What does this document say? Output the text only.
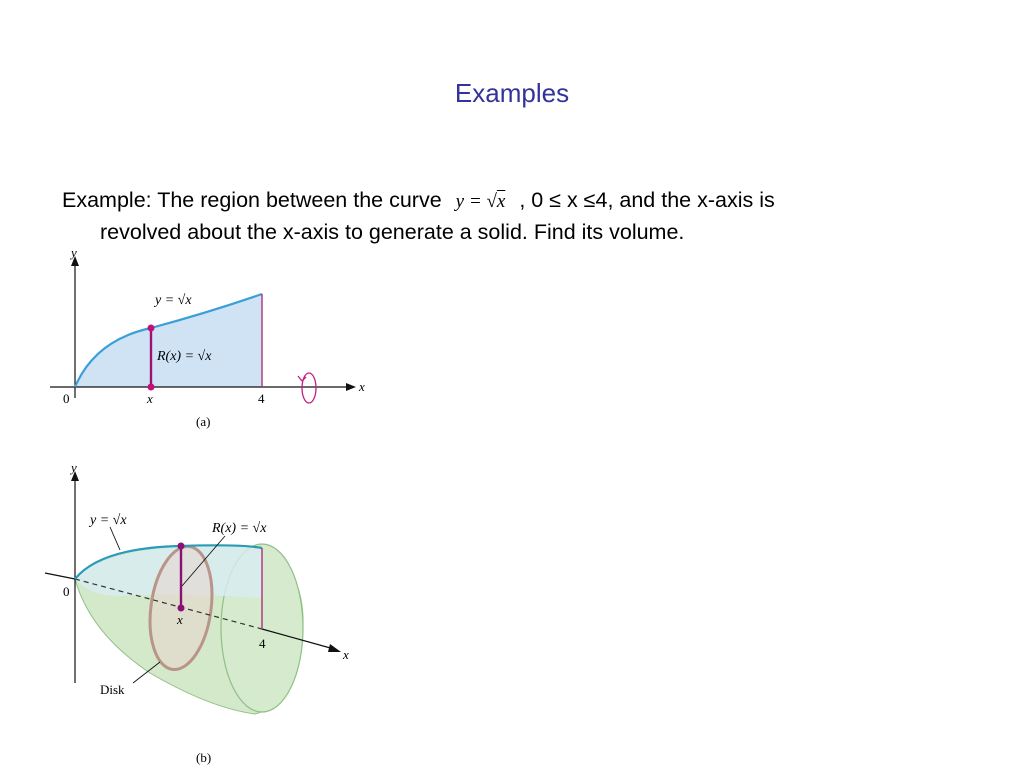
Examples
Example: The region between the curve y = √x , 0 ≤ x ≤4, and the x-axis is
revolved about the x-axis to generate a solid. Find its volume.
y
x
y = √x
R(x) = √x
0	x	4
(a)
y
x
y = √x
R(x) = √x
0
x
4
Disk
(b)
